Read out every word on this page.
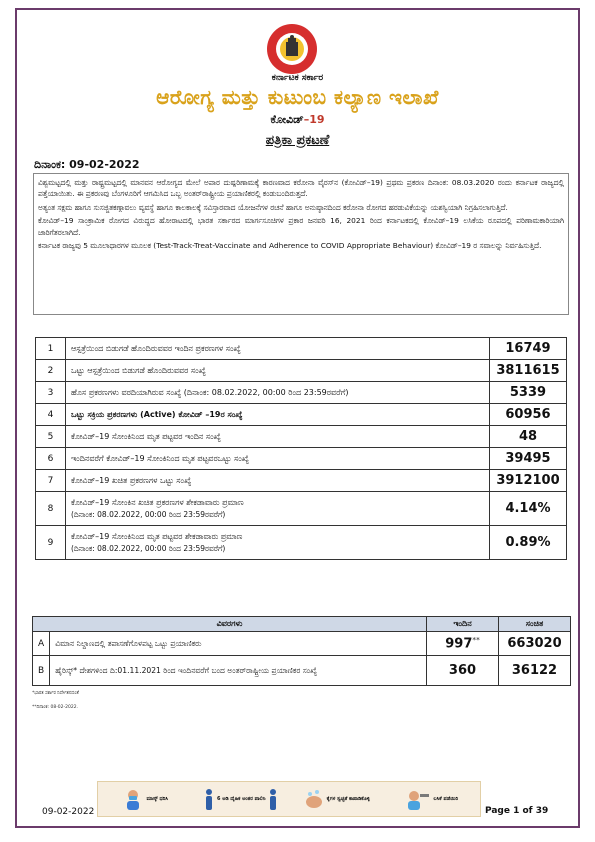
ಕರ್ನಾಟಕ ಸರ್ಕಾರ
ಆರೋಗ್ಯ ಮತ್ತು ಕುಟುಂಬ ಕಲ್ಯಾಣ ಇಲಾಖೆ
ಕೋವಿಡ್–19
ಪತ್ರಿಕಾ ಪ್ರಕಟಣೆ
ದಿನಾಂಕ: 09-02-2022

ವಿಶ್ವಮಟ್ಟದಲ್ಲಿ ಮತ್ತು ರಾಷ್ಟ್ರಮಟ್ಟದಲ್ಲಿ ಮಾನವನ ಆರೋಗ್ಯದ ಮೇಲೆ ಅಪಾರ ದುಷ್ಪರಿಣಾಮಕ್ಕೆ ಕಾರಣವಾದ ಕರೋನಾ ವೈರಸ್‌ನ (ಕೋವಿಡ್–19) ಪ್ರಥಮ ಪ್ರಕರಣ ದಿನಾಂಕ: 08.03.2020 ರಂದು ಕರ್ನಾಟಕ ರಾಜ್ಯದಲ್ಲಿ ಪತ್ತೆಯಾಯಿತು. ಈ ಪ್ರಕರಣವು ಬೆಂಗಳೂರಿಗೆ ಆಗಮಿಸಿದ ಒಬ್ಬ ಅಂತರ್‌ರಾಷ್ಟ್ರೀಯ ಪ್ರಯಾಣಿಕರಲ್ಲಿ ಕಂಡುಬಂದಿರುತ್ತದೆ.

ಅತ್ಯಂತ ಸಕ್ಷಮ ಹಾಗೂ ಸುಸಜ್ಜಿತಕಣ್ಗಾವಲು ವ್ಯವಸ್ಥೆ ಹಾಗೂ ಕಾಲಕಾಲಕ್ಕೆ ಸವಿಸ್ತಾರವಾದ ಯೋಜನೆಗಳ ರಚನೆ ಹಾಗೂ ಅನುಷ್ಠಾನದಿಂದ ಕರೋನಾ ರೋಗದ ಹರಡುವಿಕೆಯನ್ನು ಯಶಸ್ವಿಯಾಗಿ ನಿಗ್ರಹಿಸಲಾಗುತ್ತಿದೆ.

ಕೋವಿಡ್–19 ಸಾಂಕ್ರಾಮಿಕ ರೋಗದ ವಿರುದ್ಧದ ಹೋರಾಟದಲ್ಲಿ ಭಾರತ ಸರ್ಕಾರದ ಮಾರ್ಗಸೂಚಿಗಳ ಪ್ರಕಾರ ಜನವರಿ 16, 2021 ರಿಂದ ಕರ್ನಾಟಕದಲ್ಲಿ ಕೋವಿಡ್–19 ಲಸಿಕೆಯ ರೂಪದಲ್ಲಿ ಪರಿಣಾಮಕಾರಿಯಾಗಿ ಜಾರಿಗೆತರಲಾಗಿದೆ.

ಕರ್ನಾಟಕ ರಾಜ್ಯವು 5 ಮೂಲಾಧಾರಗಳ ಮೂಲಕ (Test-Track-Treat-Vaccinate and Adherence to COVID Appropriate Behaviour) ಕೋವಿಡ್–19 ರ ಸವಾಲನ್ನು ನಿರ್ವಹಿಸುತ್ತಿದೆ.

1	ಆಸ್ಪತ್ರೆಯಿಂದ ಬಿಡುಗಡೆ ಹೊಂದಿರುವವರ ಇಂದಿನ ಪ್ರಕರಣಗಳ ಸಂಖ್ಯೆ	16749
2	ಒಟ್ಟು ಆಸ್ಪತ್ರೆಯಿಂದ ಬಿಡುಗಡೆ ಹೊಂದಿರುವವರ ಸಂಖ್ಯೆ	3811615
3	ಹೊಸ ಪ್ರಕರಣಗಳು ವರದಿಯಾಗಿರುವ ಸಂಖ್ಯೆ (ದಿನಾಂಕ: 08.02.2022, 00:00 ರಿಂದ 23:59ರವರೆಗೆ)	5339
4	ಒಟ್ಟು ಸಕ್ರಿಯ ಪ್ರಕರಣಗಳು (Active) ಕೋವಿಡ್ –19ರ ಸಂಖ್ಯೆ	60956
5	ಕೋವಿಡ್–19 ಸೋಂಕಿನಿಂದ ಮೃತ ಪಟ್ಟವರ ಇಂದಿನ ಸಂಖ್ಯೆ	48
6	ಇಂದಿನವರೆಗೆ ಕೋವಿಡ್–19 ಸೋಂಕಿನಿಂದ ಮೃತ ಪಟ್ಟವರಒಟ್ಟು ಸಂಖ್ಯೆ	39495
7	ಕೋವಿಡ್–19 ಖಚಿತ ಪ್ರಕರಣಗಳ ಒಟ್ಟು ಸಂಖ್ಯೆ	3912100
8	ಕೋವಿಡ್–19 ಸೋಂಕಿನ ಖಚಿತ ಪ್ರಕರಣಗಳ ಶೇಕಡಾವಾರು ಪ್ರಮಾಣ
(ದಿನಾಂಕ: 08.02.2022, 00:00 ರಿಂದ 23:59ರವರೆಗೆ)	4.14%
9	ಕೋವಿಡ್–19 ಸೋಂಕಿನಿಂದ ಮೃತ ಪಟ್ಟವರ ಶೇಕಡಾವಾರು ಪ್ರಮಾಣ
(ದಿನಾಂಕ: 08.02.2022, 00:00 ರಿಂದ 23:59ರವರೆಗೆ)	0.89%
ವಿವರಗಳು		ಇಂದಿನ	ಸಂಚಿತ
A	ವಿಮಾನ ನಿಲ್ದಾಣದಲ್ಲಿ ತಪಾಸಣೆಗೊಳಪಟ್ಟ ಒಟ್ಟು ಪ್ರಯಾಣಿಕರು	997**	663020
B	ಹೈರಿಸ್ಕ್* ದೇಶಗಳಿಂದ ದಿ:01.11.2021 ರಿಂದ ಇಂದಿನವರೆಗೆ ಬಂದ ಅಂತರ್‌ರಾಷ್ಟ್ರೀಯ ಪ್ರಯಾಣಿಕರ ಸಂಖ್ಯೆ	360	36122
*ಭಾರತ ಸರ್ಕಾರ ನಿರ್ದೇಶನದಂತೆ
**ದಿನಾಂಕ: 08-02-2022.
09-02-2022
ಮಾಸ್ಕ್ ಧರಿಸಿ	6 ಅಡಿ ದೈಹಿಕ ಅಂತರ ಪಾಲಿಸಿ	ಕೈಗಳ ಸ್ವಚ್ಛತೆ ಕಾಪಾಡಿಕೊಳ್ಳಿ	ಲಸಿಕೆ ಪಡೆಯಿರಿ
Page 1 of 39
